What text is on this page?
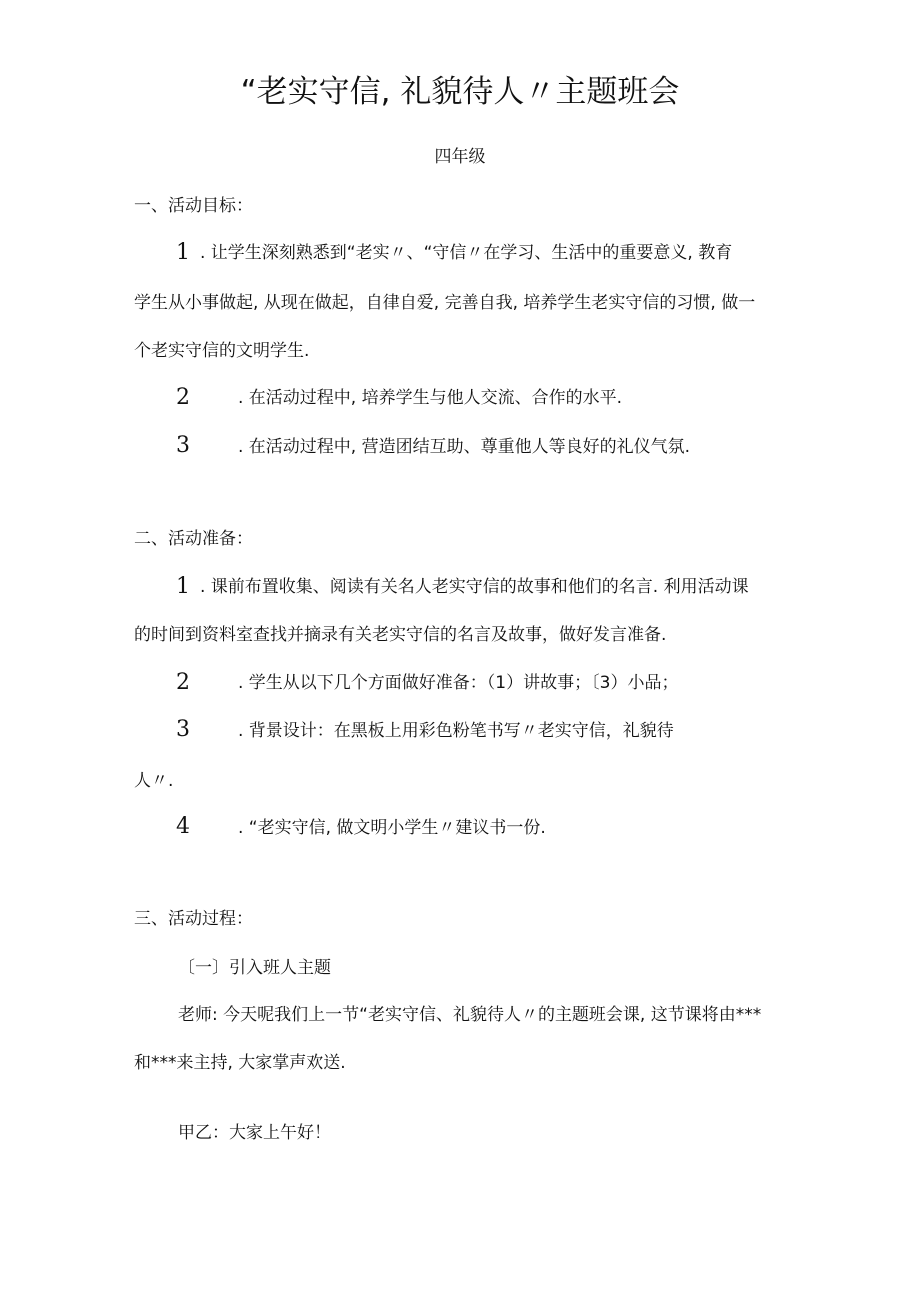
“老实守信, 礼貌待人〃主题班会
四年级
一、活动目标：
1 . 让学生深刻熟悉到“老实〃、“守信〃在学习、生活中的重要意义, 教育
学生从小事做起, 从现在做起，自律自爱, 完善自我, 培养学生老实守信的习惯, 做一
个老实守信的文明学生.
2	. 在活动过程中, 培养学生与他人交流、合作的水平.
3	. 在活动过程中, 营造团结互助、尊重他人等良好的礼仪气氛.
二、活动准备：
1 . 课前布置收集、阅读有关名人老实守信的故事和他们的名言. 利用活动课
的时间到资料室查找并摘录有关老实守信的名言及故事，做好发言准备.
2	. 学生从以下几个方面做好准备：（1）讲故事；〔3）小品；
3	. 背景设计：在黑板上用彩色粉笔书写〃老实守信，礼貌待
人〃.
4	. “老实守信, 做文明小学生〃建议书一份.
三、活动过程：
〔一〕引入班人主题
老师: 今天呢我们上一节“老实守信、礼貌待人〃的主题班会课, 这节课将由***
和***来主持, 大家掌声欢送.
甲乙：大家上午好！
